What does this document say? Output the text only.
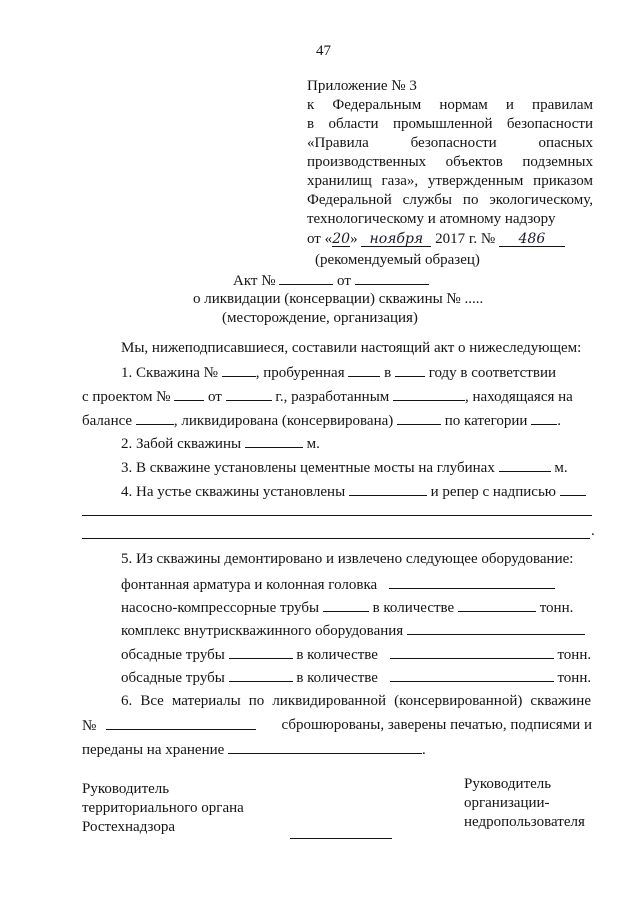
47
Приложение № 3
к Федеральным нормам и правилам
в области промышленной безопасности
«Правила безопасности опасных
производственных объектов подземных
хранилищ газа», утвержденным приказом
Федеральной службы по экологическому,
технологическому и атомному надзору
от «20» ноября 2017 г. № 486
(рекомендуемый образец)
Акт №	от
о ликвидации (консервации) скважины № .....
(месторождение, организация)
Мы, нижеподписавшиеся, составили настоящий акт о нижеследующем:
1. Скважина №	, пробуренная	в	году в соответствии
с проектом №	от	г., разработанным	, находящаяся на
балансе	, ликвидирована (консервирована)	по категории .
2. Забой скважины	м.
3. В скважине установлены цементные мосты на глубинах	м.
4. На устье скважины установлены	и репер с надписью
.
5. Из скважины демонтировано и извлечено следующее оборудование:
фонтанная арматура и колонная головка
насосно-компрессорные трубы	в количестве	тонн.
комплекс внутрискважинного оборудования
обсадные трубы	в количестве	тонн.
обсадные трубы	в количестве	тонн.
6. Все материалы по ликвидированной (консервированной) скважине
№	сброшюрованы, заверены печатью, подписями и
переданы на хранение	.
Руководитель
территориального органа
Ростехнадзора
Руководитель
организации-
недропользователя
